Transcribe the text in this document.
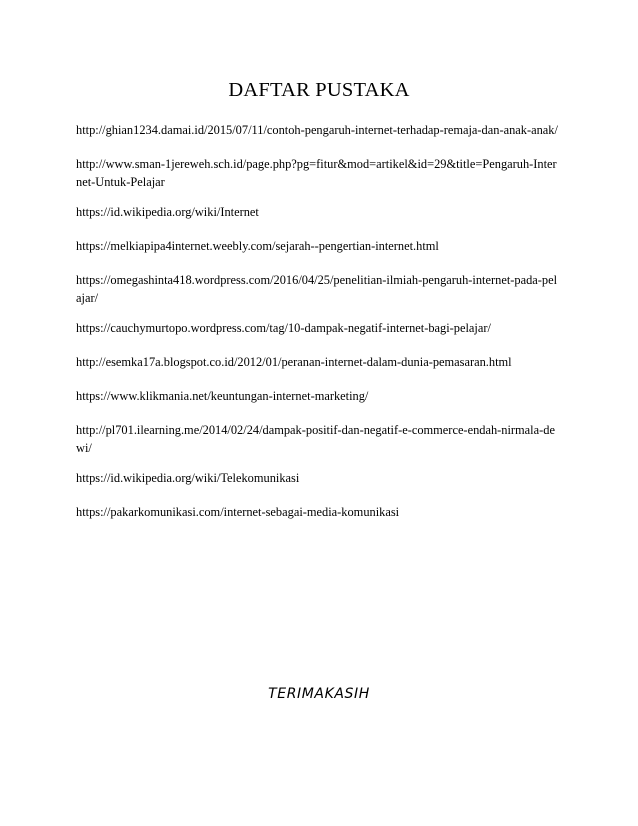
DAFTAR PUSTAKA
http://ghian1234.damai.id/2015/07/11/contoh-pengaruh-internet-terhadap-remaja-dan-anak-anak/
http://www.sman-1jereweh.sch.id/page.php?pg=fitur&mod=artikel&id=29&title=Pengaruh-Internet-Untuk-Pelajar
https://id.wikipedia.org/wiki/Internet
https://melkiapipa4internet.weebly.com/sejarah--pengertian-internet.html
https://omegashinta418.wordpress.com/2016/04/25/penelitian-ilmiah-pengaruh-internet-pada-pelajar/
https://cauchymurtopo.wordpress.com/tag/10-dampak-negatif-internet-bagi-pelajar/
http://esemka17a.blogspot.co.id/2012/01/peranan-internet-dalam-dunia-pemasaran.html
https://www.klikmania.net/keuntungan-internet-marketing/
http://pl701.ilearning.me/2014/02/24/dampak-positif-dan-negatif-e-commerce-endah-nirmala-dewi/
https://id.wikipedia.org/wiki/Telekomunikasi
https://pakarkomunikasi.com/internet-sebagai-media-komunikasi

TERIMAKASIH
